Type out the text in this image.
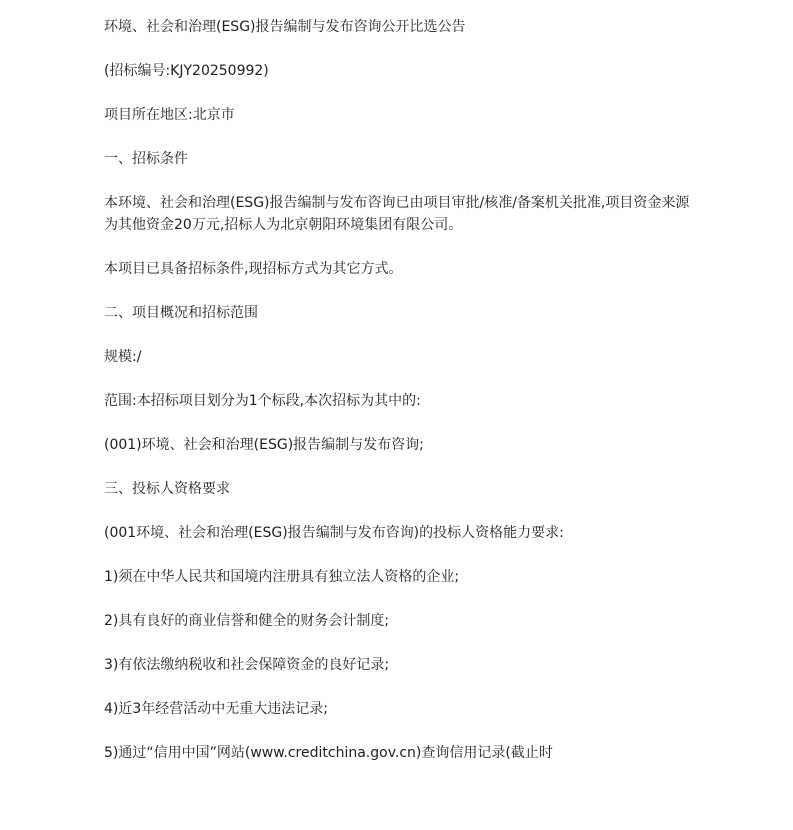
环境、社会和治理(ESG)报告编制与发布咨询公开比选公告
(招标编号:KJY20250992)
项目所在地区:北京市
一、招标条件
本环境、社会和治理(ESG)报告编制与发布咨询已由项目审批/核准/备案机关批准,项目资金来源为其他资金20万元,招标人为北京朝阳环境集团有限公司。
本项目已具备招标条件,现招标方式为其它方式。
二、项目概况和招标范围
规模:/
范围:本招标项目划分为1个标段,本次招标为其中的:
(001)环境、社会和治理(ESG)报告编制与发布咨询;
三、投标人资格要求
(001环境、社会和治理(ESG)报告编制与发布咨询)的投标人资格能力要求:
1)须在中华人民共和国境内注册具有独立法人资格的企业;
2)具有良好的商业信誉和健全的财务会计制度;
3)有依法缴纳税收和社会保障资金的良好记录;
4)近3年经营活动中无重大违法记录;
5)通过“信用中国”网站(www.creditchina.gov.cn)查询信用记录(截止时
